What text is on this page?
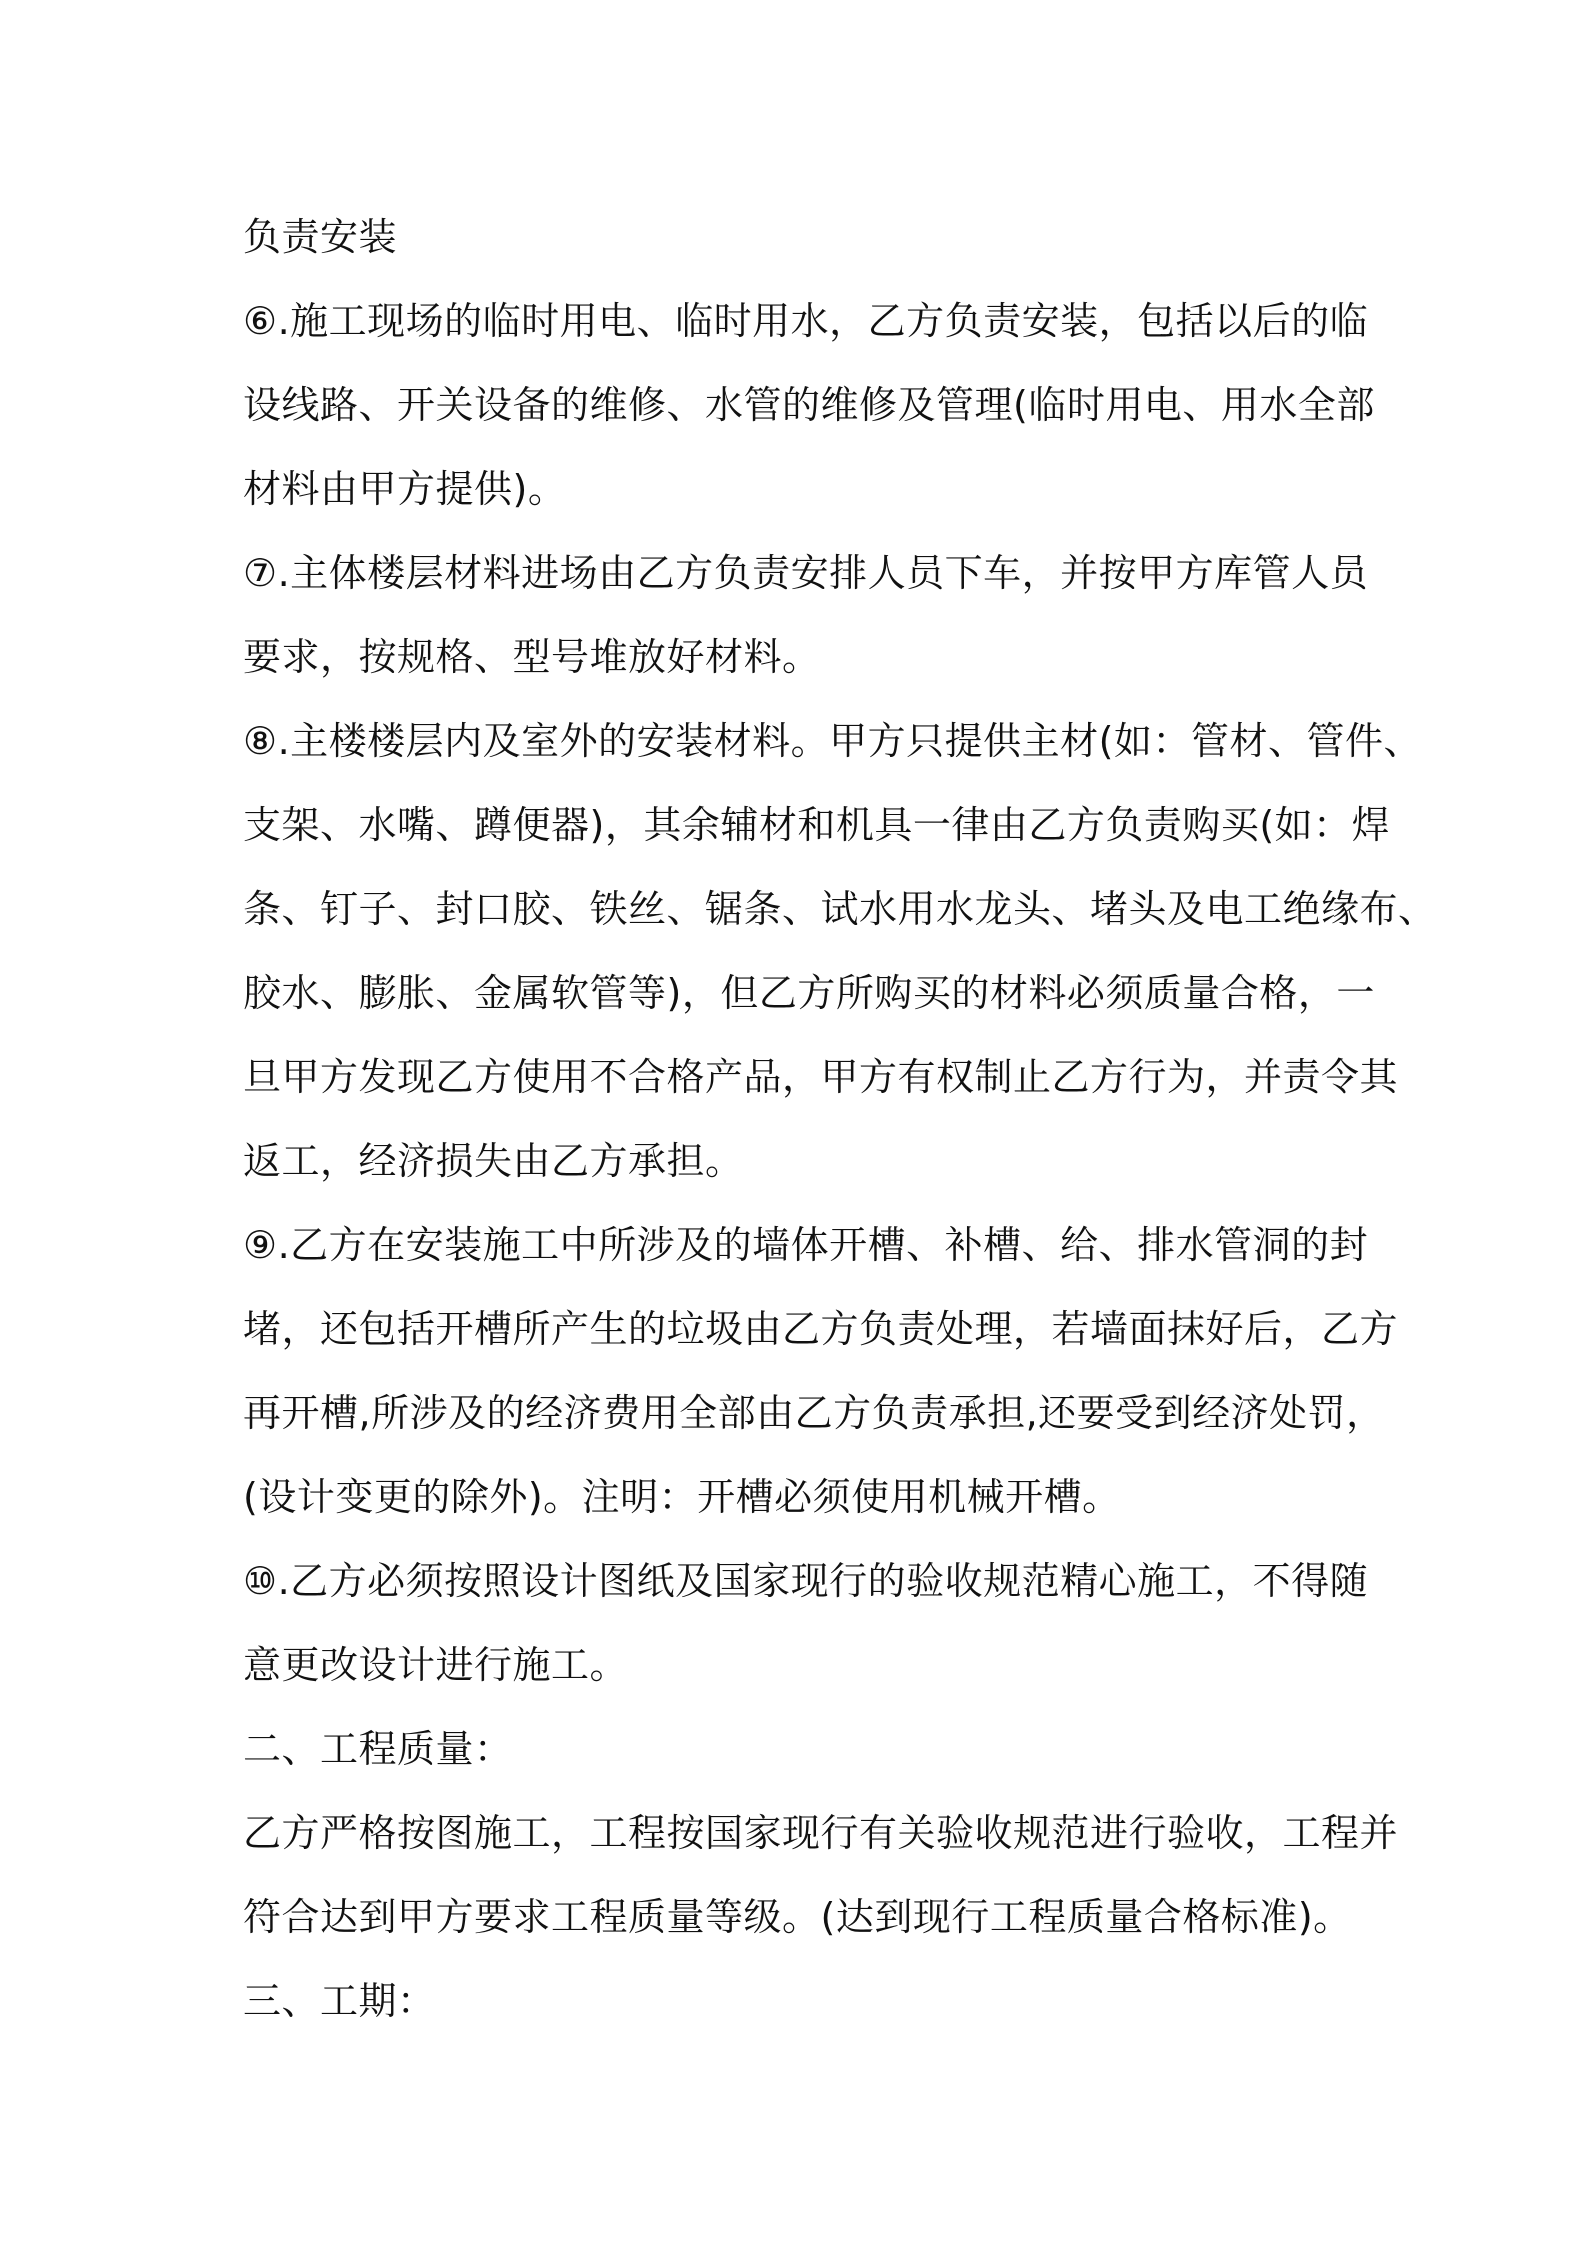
负责安装
⑥.施工现场的临时用电、临时用水，乙方负责安装，包括以后的临
设线路、开关设备的维修、水管的维修及管理(临时用电、用水全部
材料由甲方提供)。
⑦.主体楼层材料进场由乙方负责安排人员下车，并按甲方库管人员
要求，按规格、型号堆放好材料。
⑧.主楼楼层内及室外的安装材料。甲方只提供主材(如：管材、管件、
支架、水嘴、蹲便器)，其余辅材和机具一律由乙方负责购买(如：焊
条、钉子、封口胶、铁丝、锯条、试水用水龙头、堵头及电工绝缘布、
胶水、膨胀、金属软管等)，但乙方所购买的材料必须质量合格，一
旦甲方发现乙方使用不合格产品，甲方有权制止乙方行为，并责令其
返工，经济损失由乙方承担。
⑨.乙方在安装施工中所涉及的墙体开槽、补槽、给、排水管洞的封
堵，还包括开槽所产生的垃圾由乙方负责处理，若墙面抹好后，乙方
再开槽,所涉及的经济费用全部由乙方负责承担,还要受到经济处罚，
(设计变更的除外)。注明：开槽必须使用机械开槽。
⑩.乙方必须按照设计图纸及国家现行的验收规范精心施工，不得随
意更改设计进行施工。
二、工程质量：
乙方严格按图施工，工程按国家现行有关验收规范进行验收，工程并
符合达到甲方要求工程质量等级。(达到现行工程质量合格标准)。
三、工期：
